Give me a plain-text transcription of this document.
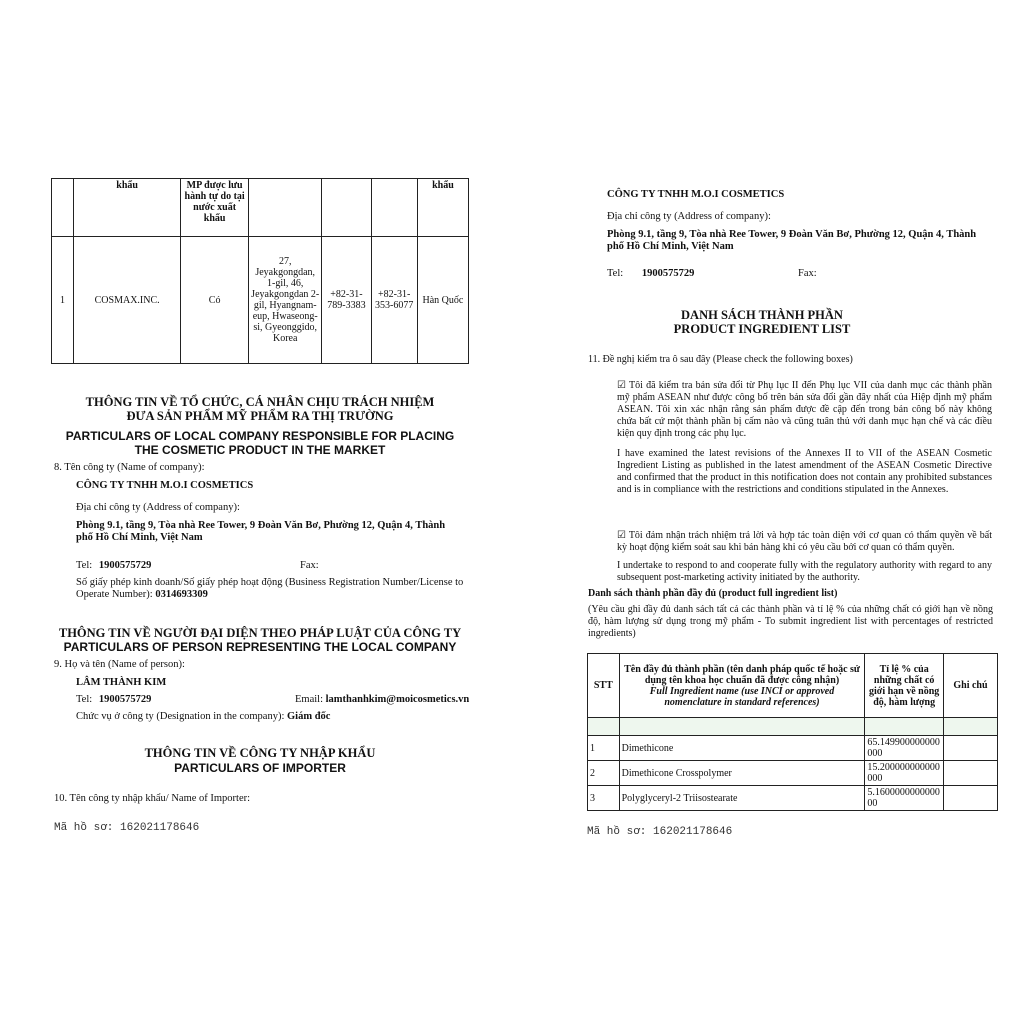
	khẩu	MP được lưu hành tự do tại nước xuất khẩu				khẩu
1	COSMAX.INC.	Có	27, Jeyakgongdan, 1-gil, 46, Jeyakgongdan 2-gil, Hyangnam-eup, Hwaseong-si, Gyeonggido, Korea	+82-31-789-3383	+82-31-353-6077	Hàn Quốc
THÔNG TIN VỀ TỔ CHỨC, CÁ NHÂN CHỊU TRÁCH NHIỆM
ĐƯA SẢN PHẨM MỸ PHẨM RA THỊ TRƯỜNG
PARTICULARS OF LOCAL COMPANY RESPONSIBLE FOR PLACING
THE COSMETIC PRODUCT IN THE MARKET
8. Tên công ty (Name of company):
CÔNG TY TNHH M.O.I COSMETICS
Địa chỉ công ty (Address of company):
Phòng 9.1, tầng 9, Tòa nhà Ree Tower, 9 Đoàn Văn Bơ, Phường 12, Quận 4, Thành
phố Hồ Chí Minh, Việt Nam
Tel: 1900575729	Fax:
Số giấy phép kinh doanh/Số giấy phép hoạt động (Business Registration Number/License to
Operate Number): 0314693309
THÔNG TIN VỀ NGƯỜI ĐẠI DIỆN THEO PHÁP LUẬT CỦA CÔNG TY
PARTICULARS OF PERSON REPRESENTING THE LOCAL COMPANY
9. Họ và tên (Name of person):
LÂM THÀNH KIM
Tel: 1900575729	Email: lamthanhkim@moicosmetics.vn
Chức vụ ở công ty (Designation in the company): Giám đốc
THÔNG TIN VỀ CÔNG TY NHẬP KHẨU
PARTICULARS OF IMPORTER
10. Tên công ty nhập khẩu/ Name of Importer:
Mã hồ sơ: 162021178646
CÔNG TY TNHH M.O.I COSMETICS
Địa chỉ công ty (Address of company):
Phòng 9.1, tầng 9, Tòa nhà Ree Tower, 9 Đoàn Văn Bơ, Phường 12, Quận 4, Thành
phố Hồ Chí Minh, Việt Nam
Tel: 1900575729	Fax:
DANH SÁCH THÀNH PHẦN
PRODUCT INGREDIENT LIST
11. Đề nghị kiểm tra ô sau đây (Please check the following boxes)
☑ Tôi đã kiểm tra bản sửa đổi từ Phụ lục II đến Phụ lục VII của danh mục các thành phần mỹ phẩm ASEAN như được công bố trên bản sửa đổi gần đây nhất của Hiệp định mỹ phẩm ASEAN. Tôi xin xác nhận rằng sản phẩm được đề cập đến trong bản công bố này không chứa bất cứ một thành phần bị cấm nào và cũng tuân thủ với danh mục hạn chế và các điều kiện quy định trong các phụ lục.
I have examined the latest revisions of the Annexes II to VII of the ASEAN Cosmetic Ingredient Listing as published in the latest amendment of the ASEAN Cosmetic Directive and confirmed that the product in this notification does not contain any prohibited substances and is in compliance with the restrictions and conditions stipulated in the Annexes.
☑ Tôi đảm nhận trách nhiệm trả lời và hợp tác toàn diện với cơ quan có thẩm quyền về bất kỳ hoạt động kiểm soát sau khi bán hàng khi có yêu cầu bởi cơ quan có thẩm quyền.
I undertake to respond to and cooperate fully with the regulatory authority with regard to any subsequent post-marketing activity initiated by the authority.
Danh sách thành phần đầy đủ (product full ingredient list)
(Yêu cầu ghi đầy đủ danh sách tất cả các thành phần và tỉ lệ % của những chất có giới hạn về nồng độ, hàm lượng sử dụng trong mỹ phẩm - To submit ingredient list with percentages of restricted ingredients)
STT	Tên đầy đủ thành phần (tên danh pháp quốc tế hoặc sử dụng tên khoa học chuẩn đã được công nhận)
Full Ingredient name (use INCI or approved nomenclature in standard references)	Tỉ lệ % của những chất có giới hạn về nồng độ, hàm lượng	Ghi chú

1	Dimethicone	65.149900000000000	
2	Dimethicone Crosspolymer	15.200000000000000	
3	Polyglyceryl-2 Triisostearate	5.160000000000000	
Mã hồ sơ: 162021178646
